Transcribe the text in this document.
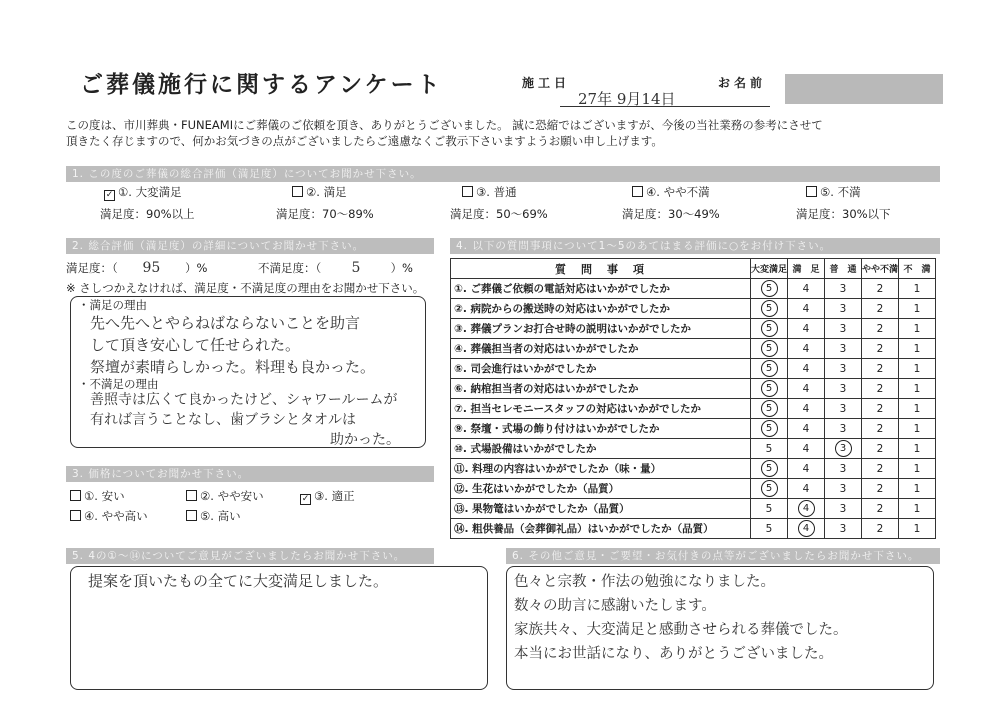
ご葬儀施行に関するアンケート	施工日	お名前
27年 9月14日
この度は、市川葬典・FUNEAMIにご葬儀のご依頼を頂き、ありがとうございました。 誠に恐縮ではございますが、今後の当社業務の参考にさせて
頂きたく存じますので、何かお気づきの点がございましたらご遠慮なくご教示下さいますようお願い申し上げます。
1. この度のご葬儀の総合評価（満足度）についてお聞かせ下さい。
✓ ①. 大変満足	②. 満足	③. 普通	④. やや不満	⑤. 不満
満足度：90%以上	満足度：70～89%	満足度：50～69%	満足度：30～49%	満足度：30%以下
2. 総合評価（満足度）の詳細についてお聞かせ下さい。
満足度：（ 95 ）%	不満足度：（ 5	）%
※ さしつかえなければ、満足度・不満足度の理由をお聞かせ下さい。
・満足の理由
先へ先へとやらねばならないことを助言
して頂き安心して任せられた。
祭壇が素晴らしかった。料理も良かった。
・不満足の理由
善照寺は広くて良かったけど、シャワールームが
有れば言うことなし、歯ブラシとタオルは
助かった。
3. 価格についてお聞かせ下さい。
①. 安い	②. やや安い	✓ ③. 適正
④. やや高い	⑤. 高い
4. 以下の質問事項について1～5のあてはまる評価に○をお付け下さい。
質　問　事　項	大変満足	満　足	普　通	やや不満	不　満
①. ご葬儀ご依頼の電話対応はいかがでしたか	5	4	3	2	1
②. 病院からの搬送時の対応はいかがでしたか	5	4	3	2	1
③. 葬儀プランお打合せ時の説明はいかがでしたか	5	4	3	2	1
④. 葬儀担当者の対応はいかがでしたか	5	4	3	2	1
⑤. 司会進行はいかがでしたか	5	4	3	2	1
⑥. 納棺担当者の対応はいかがでしたか	5	4	3	2	1
⑦. 担当セレモニースタッフの対応はいかがでしたか	5	4	3	2	1
⑨. 祭壇・式場の飾り付けはいかがでしたか	5	4	3	2	1
⑩. 式場設備はいかがでしたか	5	4	3	2	1
⑪. 料理の内容はいかがでしたか（味・量）	5	4	3	2	1
⑫. 生花はいかがでしたか（品質）	5	4	3	2	1
⑬. 果物篭はいかがでしたか（品質）	5	4	3	2	1
⑭. 粗供養品（会葬御礼品）はいかがでしたか（品質）	5	4	3	2	1
5. 4の①～⑭についてご意見がございましたらお聞かせ下さい。
提案を頂いたもの全てに大変満足しました。
6. その他ご意見・ご要望・お気付きの点等がございましたらお聞かせ下さい。
色々と宗教・作法の勉強になりました。
数々の助言に感謝いたします。
家族共々、大変満足と感動させられる葬儀でした。
本当にお世話になり、ありがとうございました。
